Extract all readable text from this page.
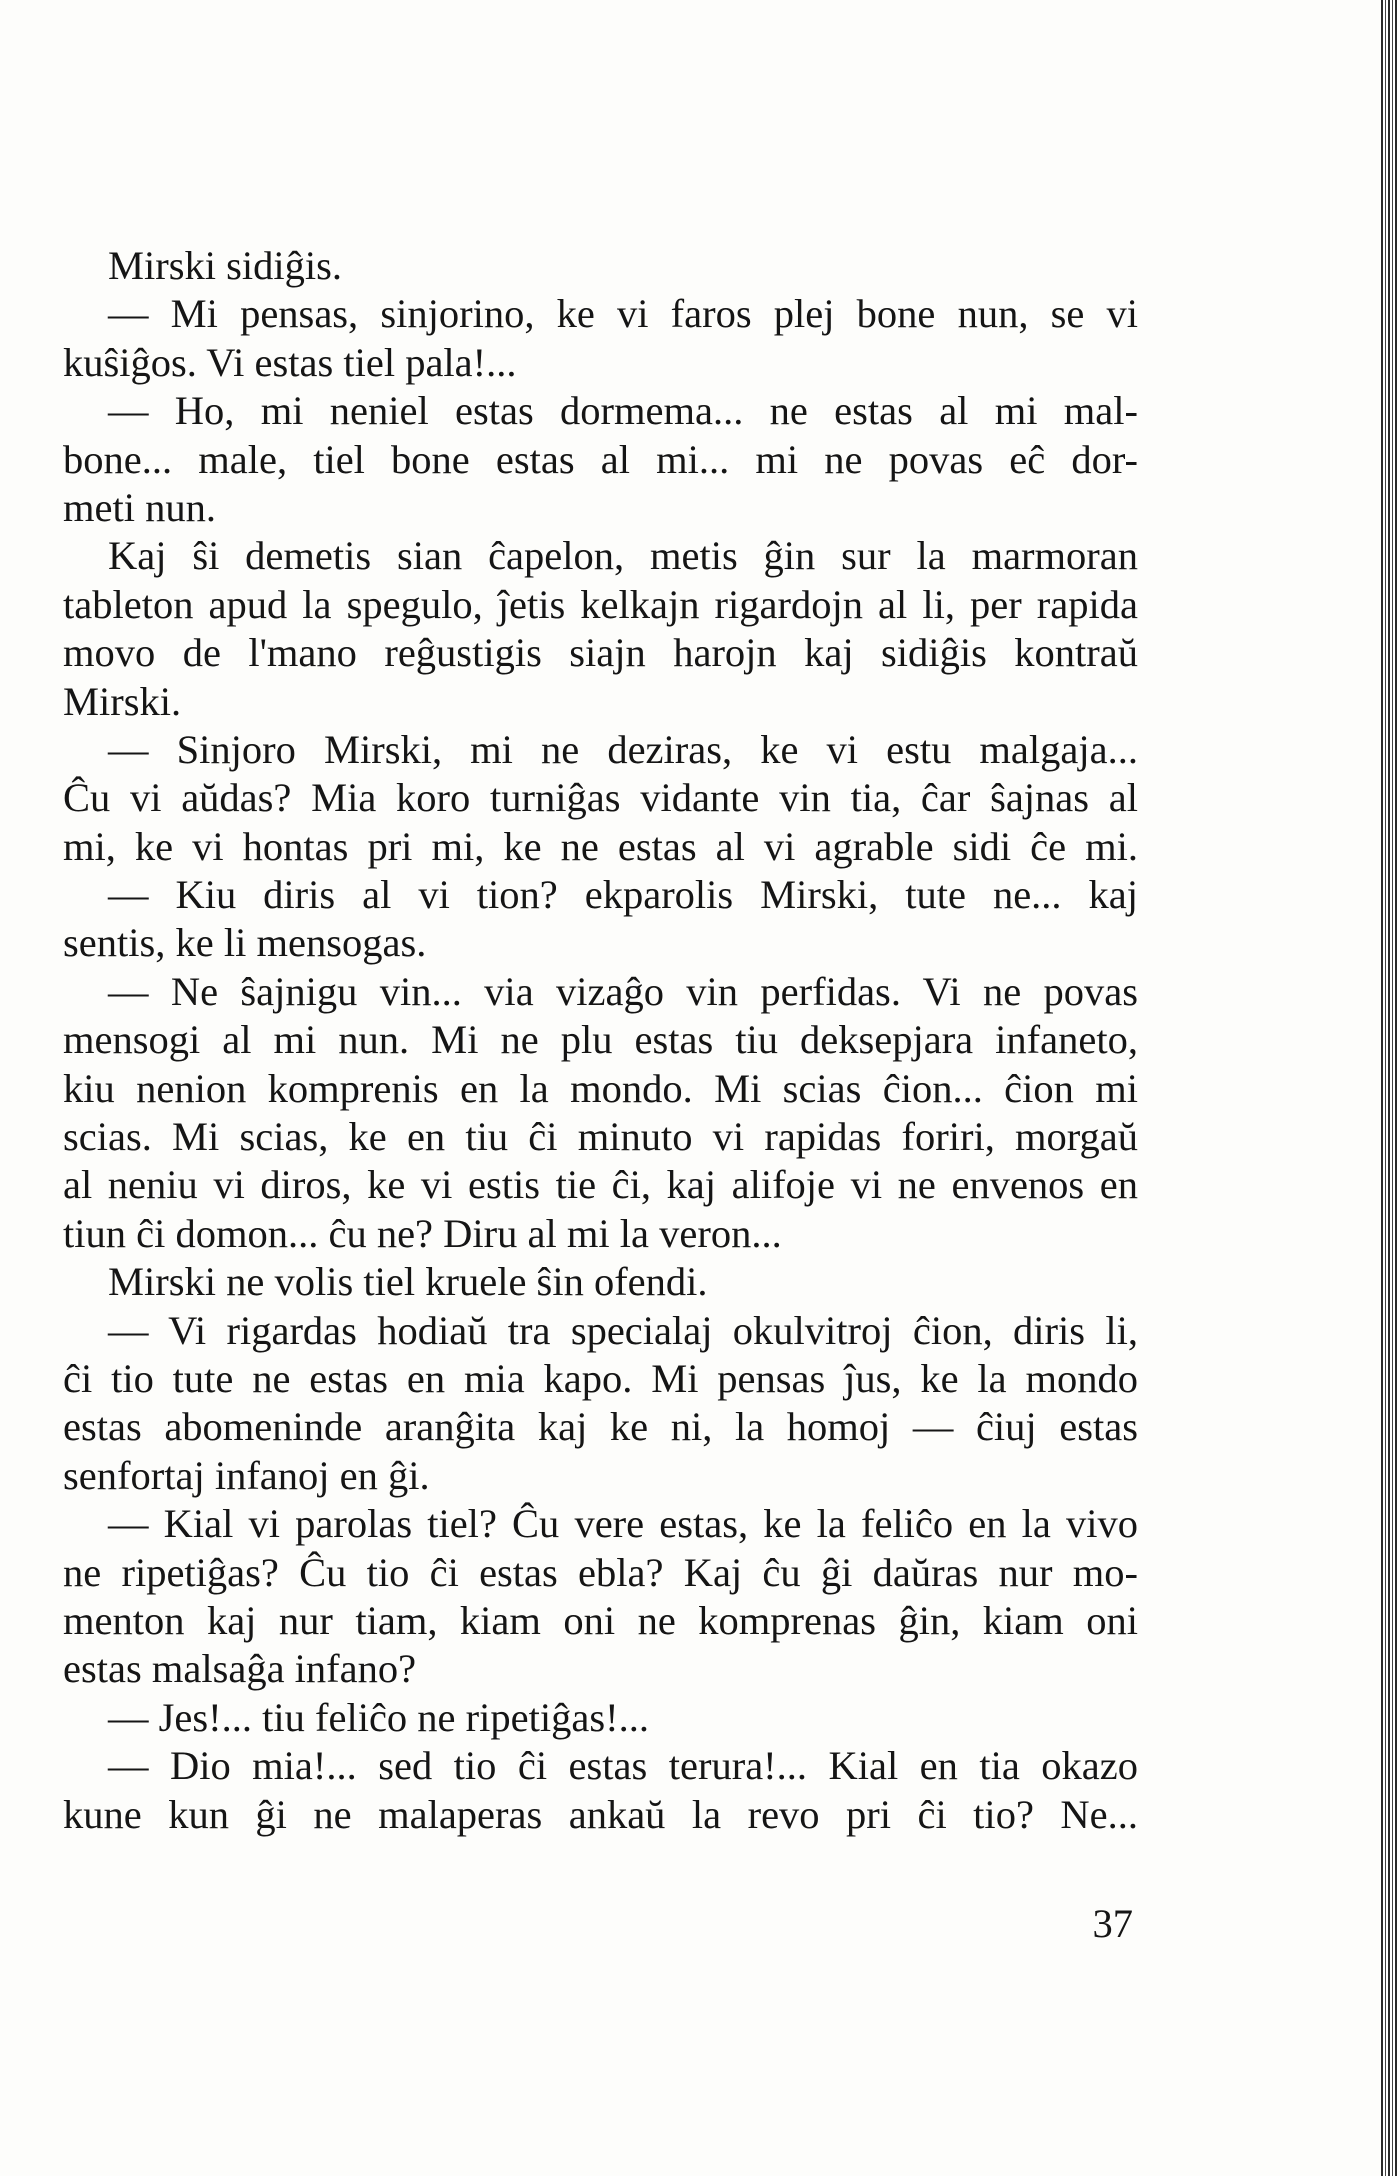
Mirski sidiĝis.
— Mi pensas, sinjorino, ke vi faros plej bone nun, se vi
kuŝiĝos. Vi estas tiel pala!...
— Ho, mi neniel estas dormema... ne estas al mi mal-
bone... male, tiel bone estas al mi... mi ne povas eĉ dor-
meti nun.
Kaj ŝi demetis sian ĉapelon, metis ĝin sur la marmoran
tableton apud la spegulo, ĵetis kelkajn rigardojn al li, per rapida
movo de l'mano reĝustigis siajn harojn kaj sidiĝis kontraŭ
Mirski.
— Sinjoro Mirski, mi ne deziras, ke vi estu malgaja...
Ĉu vi aŭdas? Mia koro turniĝas vidante vin tia, ĉar ŝajnas al
mi, ke vi hontas pri mi, ke ne estas al vi agrable sidi ĉe mi.
— Kiu diris al vi tion? ekparolis Mirski, tute ne... kaj
sentis, ke li mensogas.
— Ne ŝajnigu vin... via vizaĝo vin perfidas. Vi ne povas
mensogi al mi nun. Mi ne plu estas tiu deksepjara infaneto,
kiu nenion komprenis en la mondo. Mi scias ĉion... ĉion mi
scias. Mi scias, ke en tiu ĉi minuto vi rapidas foriri, morgaŭ
al neniu vi diros, ke vi estis tie ĉi, kaj alifoje vi ne envenos en
tiun ĉi domon... ĉu ne? Diru al mi la veron...
Mirski ne volis tiel kruele ŝin ofendi.
— Vi rigardas hodiaŭ tra specialaj okulvitroj ĉion, diris li,
ĉi tio tute ne estas en mia kapo. Mi pensas ĵus, ke la mondo
estas abomeninde aranĝita kaj ke ni, la homoj — ĉiuj estas
senfortaj infanoj en ĝi.
— Kial vi parolas tiel? Ĉu vere estas, ke la feliĉo en la vivo
ne ripetiĝas? Ĉu tio ĉi estas ebla? Kaj ĉu ĝi daŭras nur mo-
menton kaj nur tiam, kiam oni ne komprenas ĝin, kiam oni
estas malsaĝa infano?
— Jes!... tiu feliĉo ne ripetiĝas!...
— Dio mia!... sed tio ĉi estas terura!... Kial en tia okazo
kune kun ĝi ne malaperas ankaŭ la revo pri ĉi tio? Ne...
37
